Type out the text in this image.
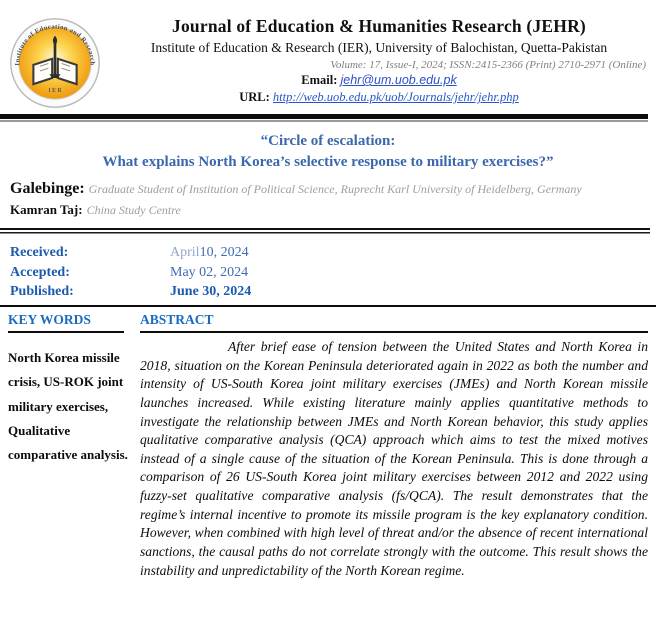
Institute of Education and Research
I E R
Journal of Education & Humanities Research (JEHR)
Institute of Education & Research (IER), University of Balochistan, Quetta-Pakistan
Volume: 17, Issue-I, 2024; ISSN:2415-2366 (Print) 2710-2971 (Online)
Email: jehr@um.uob.edu.pk
URL: http://web.uob.edu.pk/uob/Journals/jehr/jehr.php
“Circle of escalation:
What explains North Korea’s selective response to military exercises?”
Galebinge: Graduate Student of Institution of Political Science, Ruprecht Karl University of Heidelberg, Germany
Kamran Taj: China Study Centre
Received:	April10, 2024
Accepted:	May 02, 2024
Published:	June 30, 2024
KEY WORDS
North Korea missile crisis, US-ROK joint military exercises, Qualitative comparative analysis.
ABSTRACT
After brief ease of tension between the United States and North Korea in 2018, situation on the Korean Peninsula deteriorated again in 2022 as both the number and intensity of US-South Korea joint military exercises (JMEs) and North Korean missile launches increased. While existing literature mainly applies quantitative methods to investigate the relationship between JMEs and North Korean behavior, this study applies qualitative comparative analysis (QCA) approach which aims to test the mixed motives instead of a single cause of the situation of the Korean Peninsula. This is done through a comparison of 26 US-South Korea joint military exercises between 2012 and 2022 using fuzzy-set qualitative comparative analysis (fs/QCA). The result demonstrates that the regime’s internal incentive to promote its missile program is the key explanatory condition. However, when combined with high level of threat and/or the absence of recent international sanctions, the causal paths do not correlate strongly with the outcome. This result shows the instability and unpredictability of the North Korean regime.
